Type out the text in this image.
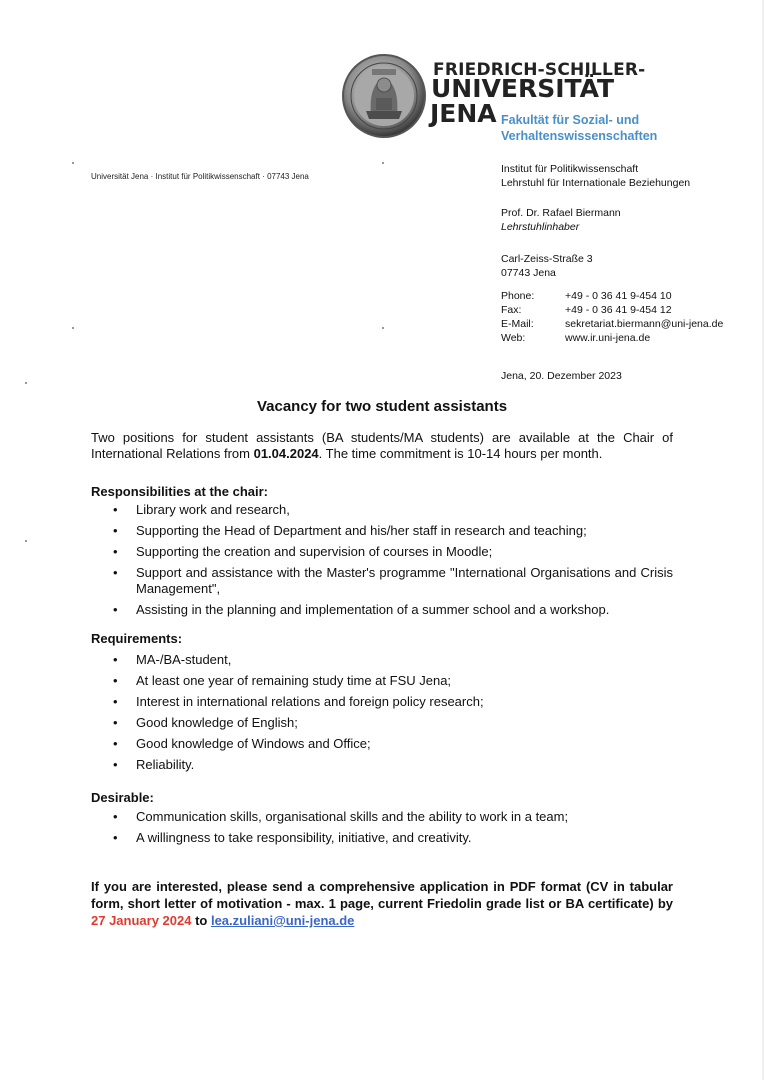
FRIEDRICH-SCHILLER-
UNIVERSITÄT
JENA Fakultät für Sozial- und
Verhaltenswissenschaften
Universität Jena · Institut für Politikwissenschaft · 07743 Jena
Institut für Politikwissenschaft
Lehrstuhl für Internationale Beziehungen
Prof. Dr. Rafael Biermann
Lehrstuhlinhaber
Carl-Zeiss-Straße 3
07743 Jena
Phone:	+49 - 0 36 41 9-454 10
Fax:	+49 - 0 36 41 9-454 12
E-Mail:	sekretariat.biermann@uni-jena.de
Web:	www.ir.uni-jena.de
Jena, 20. Dezember 2023
Vacancy for two student assistants
Two positions for student assistants (BA students/MA students) are available at the Chair of International Relations from 01.04.2024. The time commitment is 10-14 hours per month.
Responsibilities at the chair:
• Library work and research,
• Supporting the Head of Department and his/her staff in research and teaching;
• Supporting the creation and supervision of courses in Moodle;
• Support and assistance with the Master's programme "International Organisations and Crisis Management",
• Assisting in the planning and implementation of a summer school and a workshop.
Requirements:
• MA-/BA-student,
• At least one year of remaining study time at FSU Jena;
• Interest in international relations and foreign policy research;
• Good knowledge of English;
• Good knowledge of Windows and Office;
• Reliability.
Desirable:
• Communication skills, organisational skills and the ability to work in a team;
• A willingness to take responsibility, initiative, and creativity.
If you are interested, please send a comprehensive application in PDF format (CV in tabular form, short letter of motivation - max. 1 page, current Friedolin grade list or BA certificate) by 27 January 2024 to lea.zuliani@uni-jena.de
